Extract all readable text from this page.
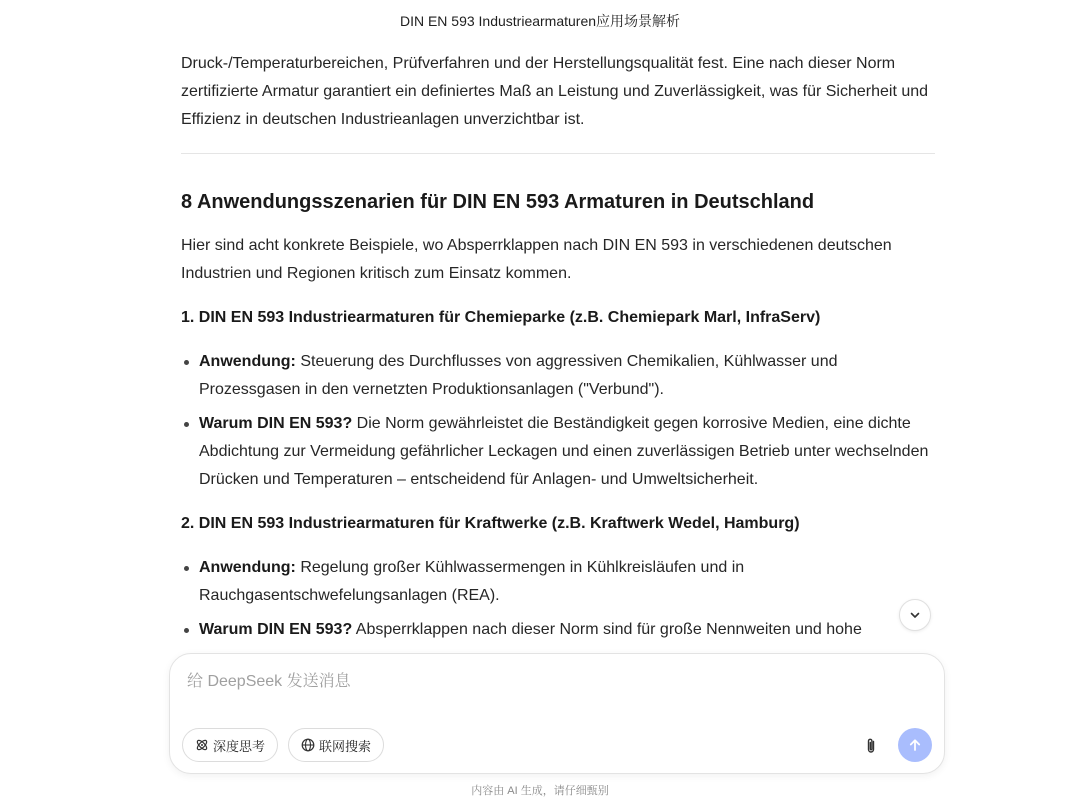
DIN EN 593 Industriearmaturen应用场景解析

Druck-/Temperaturbereichen, Prüfverfahren und der Herstellungsqualität fest. Eine nach dieser Norm zertifizierte Armatur garantiert ein definiertes Maß an Leistung und Zuverlässigkeit, was für Sicherheit und Effizienz in deutschen Industrieanlagen unverzichtbar ist.

8 Anwendungsszenarien für DIN EN 593 Armaturen in Deutschland

Hier sind acht konkrete Beispiele, wo Absperrklappen nach DIN EN 593 in verschiedenen deutschen Industrien und Regionen kritisch zum Einsatz kommen.

1. DIN EN 593 Industriearmaturen für Chemieparke (z.B. Chemiepark Marl, InfraServ)

Anwendung: Steuerung des Durchflusses von aggressiven Chemikalien, Kühlwasser und Prozessgasen in den vernetzten Produktionsanlagen ("Verbund").
Warum DIN EN 593? Die Norm gewährleistet die Beständigkeit gegen korrosive Medien, eine dichte Abdichtung zur Vermeidung gefährlicher Leckagen und einen zuverlässigen Betrieb unter wechselnden Drücken und Temperaturen – entscheidend für Anlagen- und Umweltsicherheit.

2. DIN EN 593 Industriearmaturen für Kraftwerke (z.B. Kraftwerk Wedel, Hamburg)

Anwendung: Regelung großer Kühlwassermengen in Kühlkreisläufen und in Rauchgasentschwefelungsanlagen (REA).
Warum DIN EN 593? Absperrklappen nach dieser Norm sind für große Nennweiten und hohe
给 DeepSeek 发送消息
深度思考	联网搜索
内容由 AI 生成，请仔细甄别
